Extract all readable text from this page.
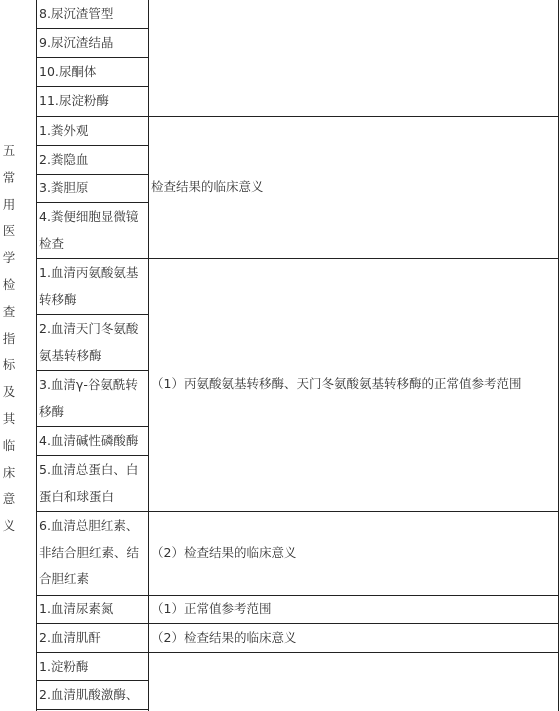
五
常
用
医
学
检
查
指
标
及
其
临
床
意
义
8.尿沉渣管型
9.尿沉渣结晶
10.尿酮体
11.尿淀粉酶
1.粪外观
2.粪隐血
3.粪胆原
4.粪便细胞显微镜
检查
1.血清丙氨酸氨基
转移酶
2.血清天门冬氨酸
氨基转移酶
3.血清γ-谷氨酰转
移酶
4.血清碱性磷酸酶
5.血清总蛋白、白
蛋白和球蛋白
6.血清总胆红素、
非结合胆红素、结
合胆红素
1.血清尿素氮
2.血清肌酐
1.淀粉酶
2.血清肌酸激酶、
检查结果的临床意义
（1）丙氨酸氨基转移酶、天门冬氨酸氨基转移酶的正常值参考范围
（2）检查结果的临床意义
（1）正常值参考范围
（2）检查结果的临床意义
